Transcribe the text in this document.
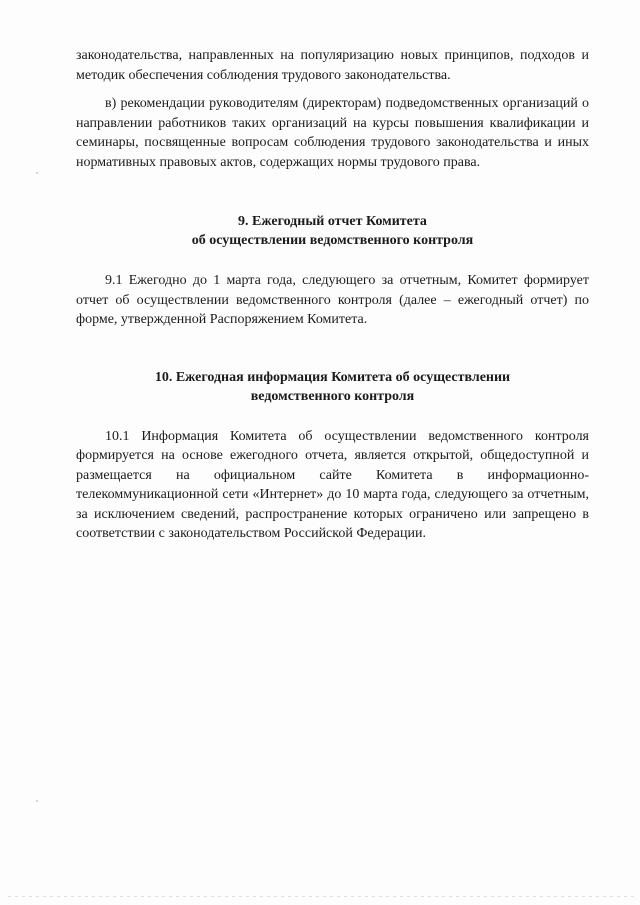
законодательства, направленных на популяризацию новых принципов, подходов и методик обеспечения соблюдения трудового законодательства.

в) рекомендации руководителям (директорам) подведомственных организаций о направлении работников таких организаций на курсы повышения квалификации и семинары, посвященные вопросам соблюдения трудового законодательства и иных нормативных правовых актов, содержащих нормы трудового права.

9. Ежегодный отчет Комитета

об осуществлении ведомственного контроля

9.1 Ежегодно до 1 марта года, следующего за отчетным, Комитет формирует отчет об осуществлении ведомственного контроля (далее – ежегодный отчет) по форме, утвержденной Распоряжением Комитета.

10. Ежегодная информация Комитета об осуществлении

ведомственного контроля

10.1 Информация Комитета об осуществлении ведомственного контроля формируется на основе ежегодного отчета, является открытой, общедоступной и размещается на официальном сайте Комитета в информационно-телекоммуникационной сети «Интернет» до 10 марта года, следующего за отчетным, за исключением сведений, распространение которых ограничено или запрещено в соответствии с законодательством Российской Федерации.
